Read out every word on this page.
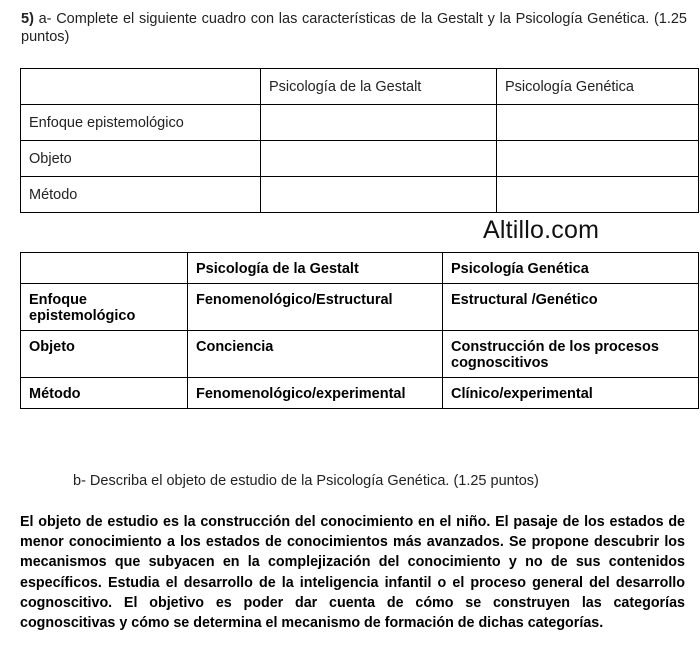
5) a- Complete el siguiente cuadro con las características de la Gestalt y la Psicología Genética. (1.25 puntos)
	Psicología de la Gestalt	Psicología Genética
Enfoque epistemológico		
Objeto		
Método		
Altillo.com
	Psicología de la Gestalt	Psicología Genética
Enfoque epistemológico	Fenomenológico/Estructural	Estructural /Genético
Objeto	Conciencia	Construcción de los procesos cognoscitivos
Método	Fenomenológico/experimental	Clínico/experimental
b- Describa el objeto de estudio de la Psicología Genética. (1.25 puntos)
El objeto de estudio es la construcción del conocimiento en el niño. El pasaje de los estados de menor conocimiento a los estados de conocimientos más avanzados. Se propone descubrir los mecanismos que subyacen en la complejización del conocimiento y no de sus contenidos específicos. Estudia el desarrollo de la inteligencia infantil o el proceso general del desarrollo cognoscitivo. El objetivo es poder dar cuenta de cómo se construyen las categorías cognoscitivas y cómo se determina el mecanismo de formación de dichas categorías.
